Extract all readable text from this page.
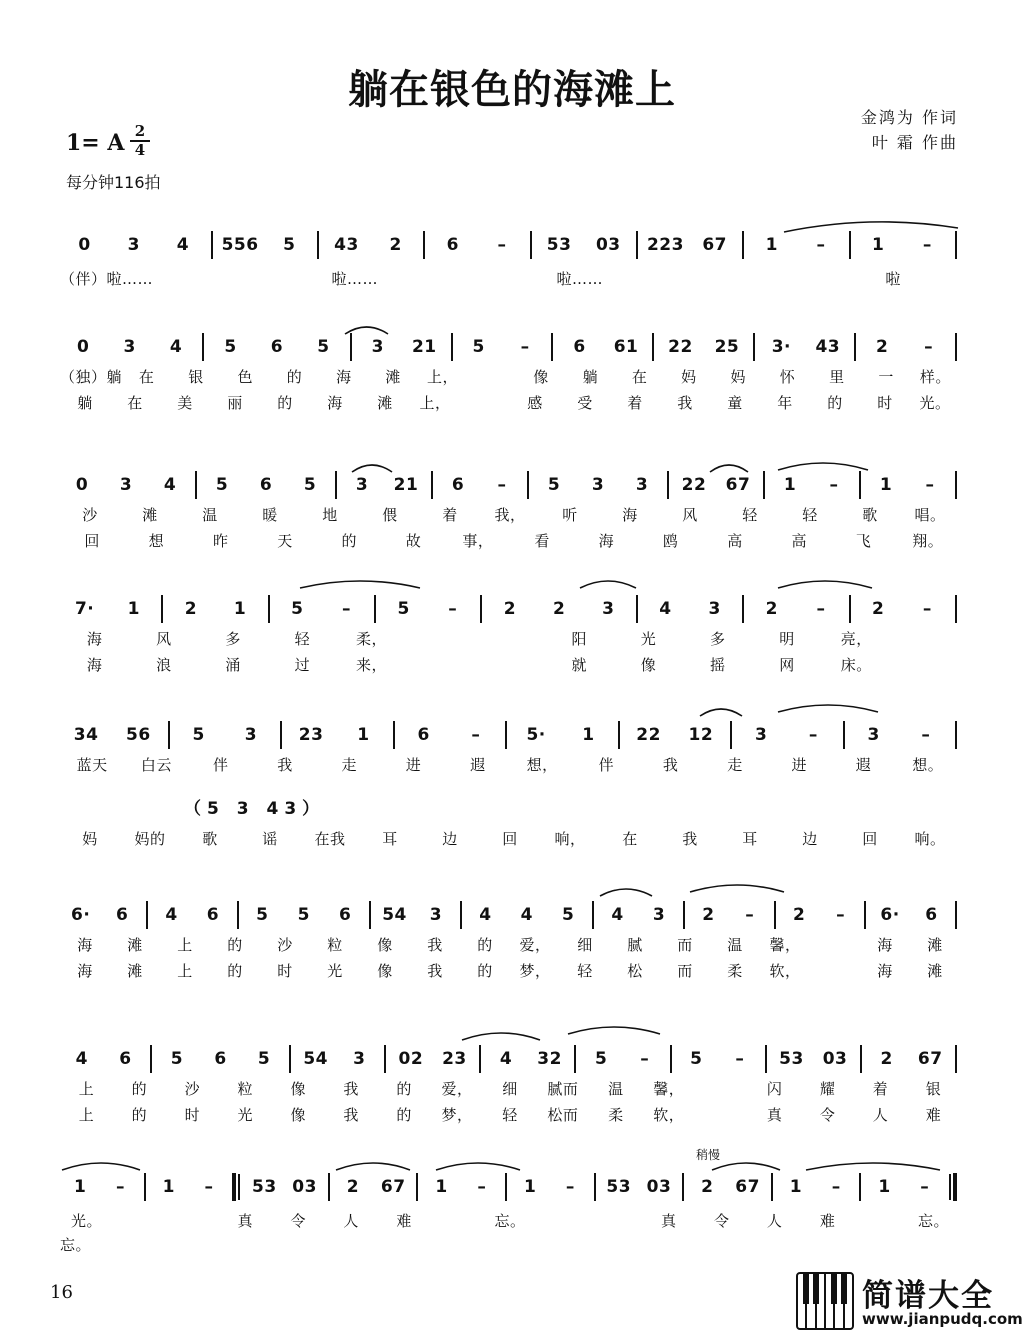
躺在银色的海滩上
金鸿为 作词
叶 霜 作曲
1= A 2
4
每分钟116拍
0	3	4	556	5	43	2	6	–	53	03	223	67	1	–	1	–
（伴）啦……	啦……	啦……	啦
0	3	4	5	6	5	3	21	5	–	6	61	22	25	3·	43	2	–
（独）躺	在	银	色	的	海	滩	上，	像	躺	在	妈	妈	怀	里	一	样。
躺	在	美	丽	的	海	滩	上，	感	受	着	我	童	年	的	时	光。
0	3	4	5	6	5	3	21	6	–	5	3	3	22	67	1	–	1	–
沙	滩	温	暖	地	偎	着	我，	听	海	风	轻	轻	歌	唱。
回	想	昨	天	的	故	事，	看	海	鸥	高	高	飞	翔。
7·	1	2	1	5	–	5	–	2	2	3	4	3	2	–	2	–
海	风	多	轻	柔，	阳	光	多	明	亮，
海	浪	涌	过	来，	就	像	摇	网	床。
34	56	5	3	23	1	6	–	5·	1	22	12	3	–	3	–
蓝天	白云	伴	我	走	进	遐	想，	伴	我	走	进	遐	想。
（5 3 43）
妈	妈的	歌	谣	在我	耳	边	回	响，	在	我	耳	边	回	响。
6·	6	4	6	5	5	6	54	3	4	4	5	4	3	2	–	2	–	6·	6
海	滩	上	的	沙	粒	像	我	的	爱，	细	腻	而	温	馨，	海	滩
海	滩	上	的	时	光	像	我	的	梦，	轻	松	而	柔	软，	海	滩
4	6	5	6	5	54	3	02	23	4	32	5	–	5	–	53	03	2	67
上	的	沙	粒	像	我	的	爱，	细	腻而	温	馨，	闪	耀	着	银
上	的	时	光	像	我	的	梦，	轻	松而	柔	软，	真	令	人	难
1	–	1	–	53 03	2	67	1	–	1	–	53 03	2	67	1	–	1	–
稍慢
光。	真	令	人	难	忘。	真	令	人	难	忘。
忘。
16	简谱大全
www.jianpudq.com
